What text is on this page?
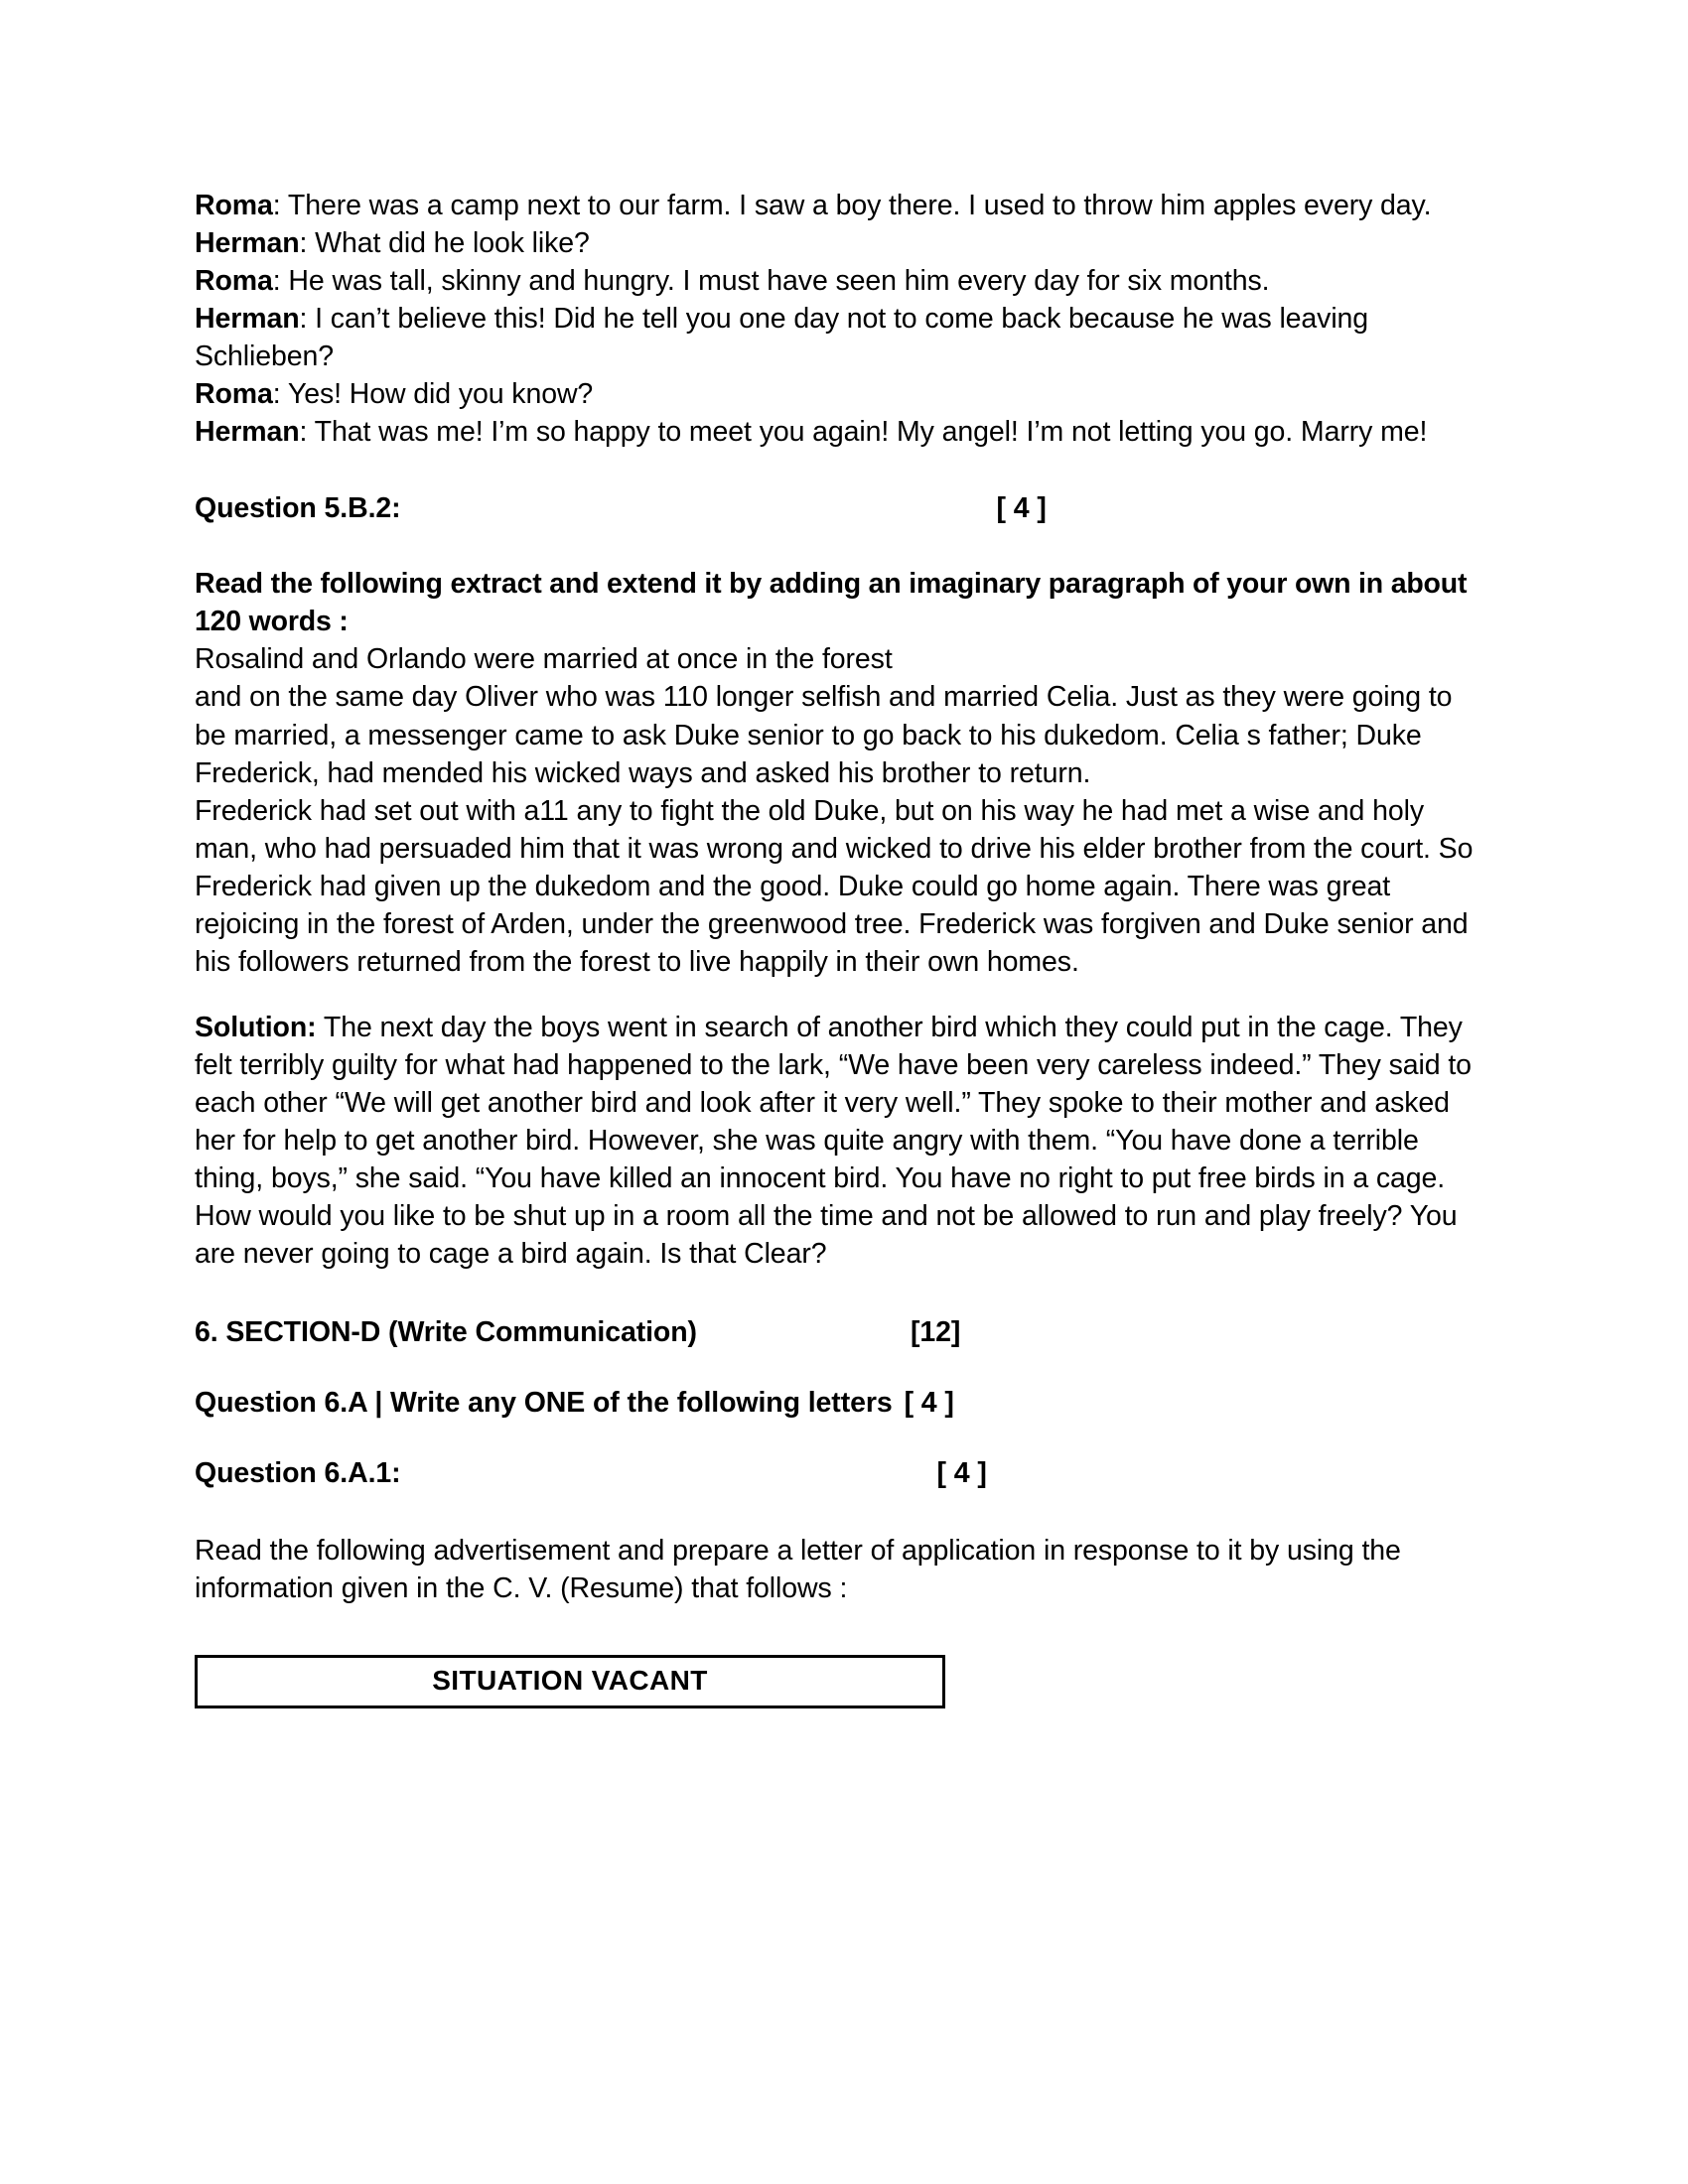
Roma: There was a camp next to our farm. I saw a boy there. I used to throw him apples every day.

Herman: What did he look like?

Roma: He was tall, skinny and hungry. I must have seen him every day for six months.

Herman: I can’t believe this! Did he tell you one day not to come back because he was leaving Schlieben?

Roma: Yes! How did you know?

Herman: That was me! I’m so happy to meet you again! My angel! I’m not letting you go. Marry me!

Question 5.B.2:	[ 4 ]
Read the following extract and extend it by adding an imaginary paragraph of your own in about 120 words :

Rosalind and Orlando were married at once in the forest

and on the same day Oliver who was 110 longer selfish and married Celia. Just as they were going to be married, a messenger came to ask Duke senior to go back to his dukedom. Celia s father; Duke Frederick, had mended his wicked ways and asked his brother to return.

Frederick had set out with a11 any to fight the old Duke, but on his way he had met a wise and holy man, who had persuaded him that it was wrong and wicked to drive his elder brother from the court. So Frederick had given up the dukedom and the good. Duke could go home again. There was great rejoicing in the forest of Arden, under the greenwood tree. Frederick was forgiven and Duke senior and his followers returned from the forest to live happily in their own homes.

Solution: The next day the boys went in search of another bird which they could put in the cage. They felt terribly guilty for what had happened to the lark, “We have been very careless indeed.” They said to each other “We will get another bird and look after it very well.” They spoke to their mother and asked her for help to get another bird. However, she was quite angry with them. “You have done a terrible thing, boys,” she said. “You have killed an innocent bird. You have no right to put free birds in a cage. How would you like to be shut up in a room all the time and not be allowed to run and play freely? You are never going to cage a bird again. Is that Clear?

6. SECTION-D (Write Communication)	[12]
Question 6.A | Write any ONE of the following letters [ 4 ]
Question 6.A.1:	[ 4 ]

Read the following advertisement and prepare a letter of application in response to it by using the information given in the C. V. (Resume) that follows :

SITUATION VACANT
